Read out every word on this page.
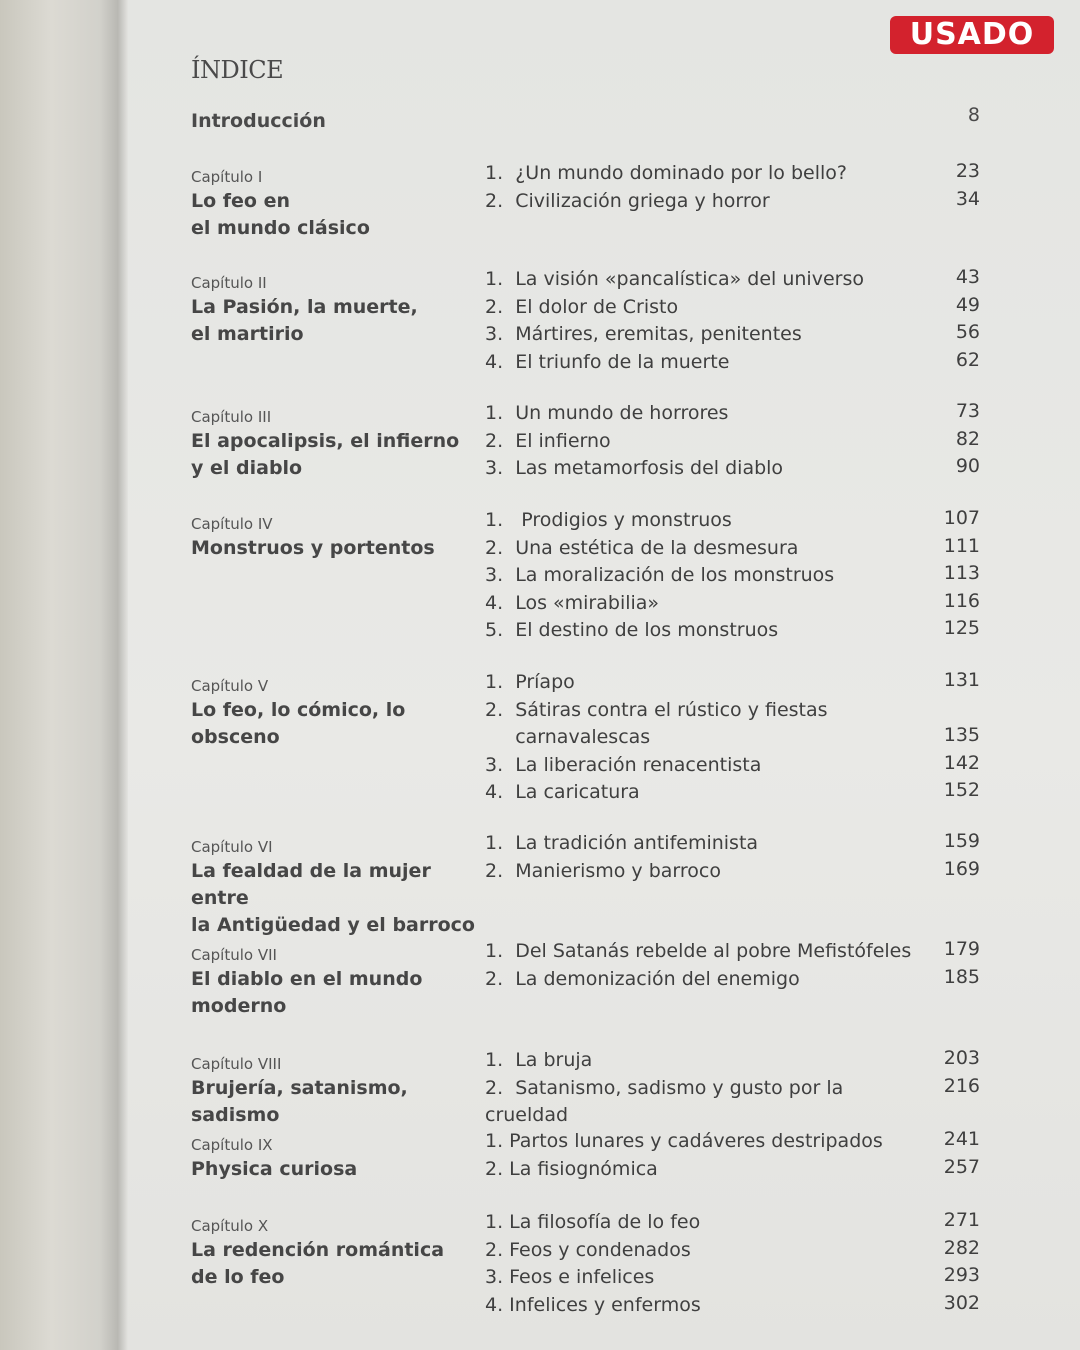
USADO
ÍNDICE
Introducción	8
Capítulo I
Lo feo en
el mundo clásico
1.  ¿Un mundo dominado por lo bello?	23
2.  Civilización griega y horror	34
Capítulo II
La Pasión, la muerte,
el martirio
1.  La visión «pancalística» del universo	43
2.  El dolor de Cristo	49
3.  Mártires, eremitas, penitentes	56
4.  El triunfo de la muerte	62
Capítulo III
El apocalipsis, el infierno
y el diablo
1.  Un mundo de horrores	73
2.  El infierno	82
3.  Las metamorfosis del diablo	90
Capítulo IV
Monstruos y portentos
1.   Prodigios y monstruos	107
2.  Una estética de la desmesura	111
3.  La moralización de los monstruos	113
4.  Los «mirabilia»	116
5.  El destino de los monstruos	125
Capítulo V
Lo feo, lo cómico, lo obsceno
1.  Príapo	131
2.  Sátiras contra el rústico y fiestas
carnavalescas	135
3.  La liberación renacentista	142
4.  La caricatura	152
Capítulo VI
La fealdad de la mujer entre
la Antigüedad y el barroco
1.  La tradición antifeminista	159
2.  Manierismo y barroco	169
Capítulo VII
El diablo en el mundo
moderno
1.  Del Satanás rebelde al pobre Mefistófeles 179
2.  La demonización del enemigo	185
Capítulo VIII
Brujería, satanismo, sadismo
1.  La bruja	203
2.  Satanismo, sadismo y gusto por la crueldad
216
Capítulo IX
Physica curiosa
1. Partos lunares y cadáveres destripados	241
2. La fisiognómica	257
Capítulo X
La redención romántica
de lo feo
1. La filosofía de lo feo	271
2. Feos y condenados	282
3. Feos e infelices	293
4. Infelices y enfermos	302
